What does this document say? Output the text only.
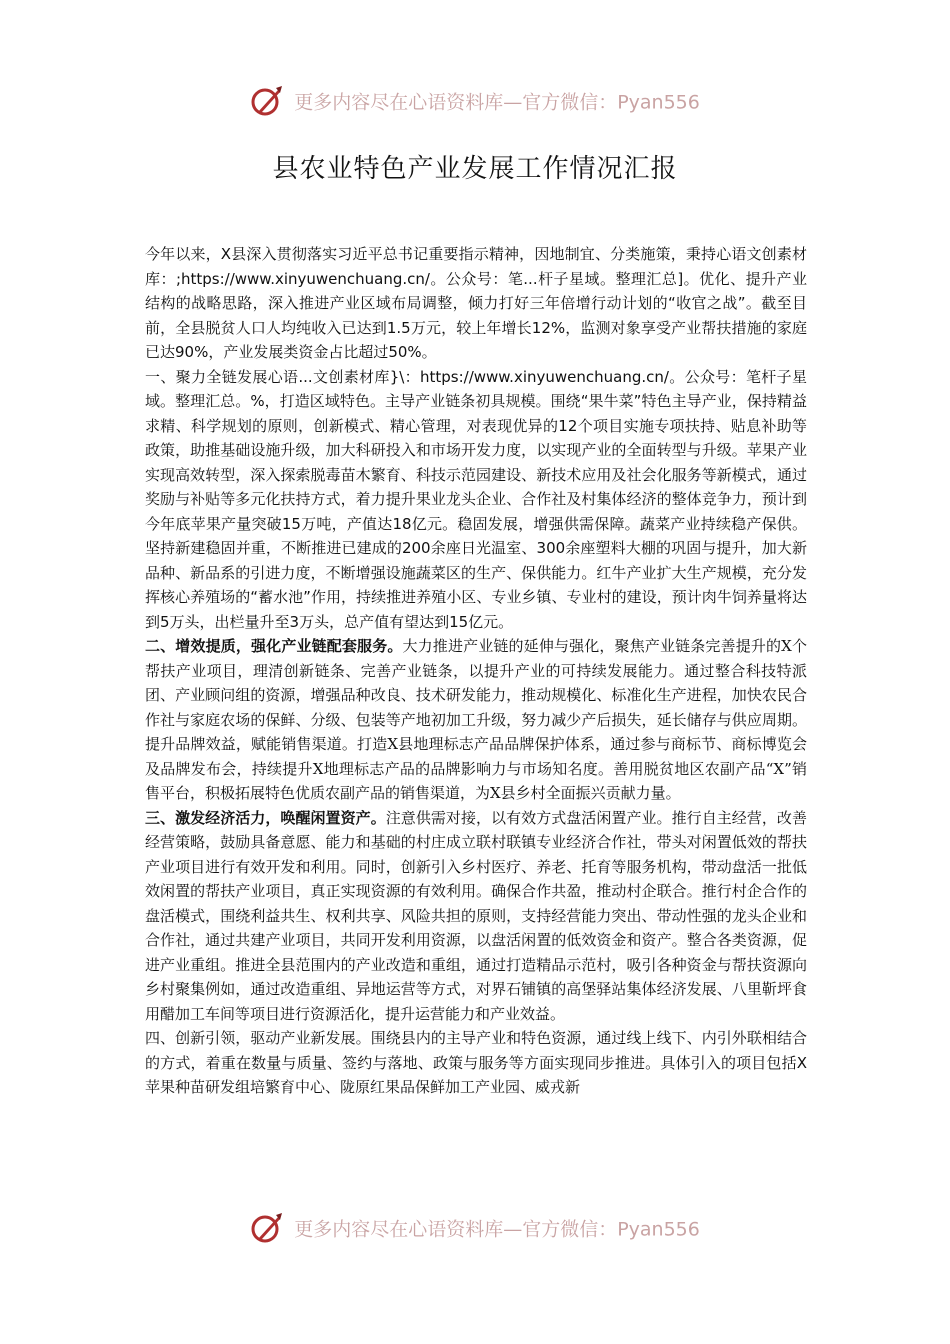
更多内容尽在心语资料库—官方微信：Pyan556
县农业特色产业发展工作情况汇报

今年以来，X县深入贯彻落实习近平总书记重要指示精神，因地制宜、分类施策，秉持心语文创素材库：;https://www.xinyuwenchuang.cn/。公众号：笔...杆子星域。整理汇总]。优化、提升产业结构的战略思路，深入推进产业区域布局调整，倾力打好三年倍增行动计划的“收官之战”。截至目前，全县脱贫人口人均纯收入已达到1.5万元，较上年增长12%，监测对象享受产业帮扶措施的家庭已达90%，产业发展类资金占比超过50%。

一、聚力全链发展心语...文创素材库}\：https://www.xinyuwenchuang.cn/。公众号：笔杆子星域。整理汇总。%，打造区域特色。主导产业链条初具规模。围绕“果牛菜”特色主导产业，保持精益求精、科学规划的原则，创新模式、精心管理，对表现优异的12个项目实施专项扶持、贴息补助等政策，助推基础设施升级，加大科研投入和市场开发力度，以实现产业的全面转型与升级。苹果产业实现高效转型，深入探索脱毒苗木繁育、科技示范园建设、新技术应用及社会化服务等新模式，通过奖励与补贴等多元化扶持方式，着力提升果业龙头企业、合作社及村集体经济的整体竞争力，预计到今年底苹果产量突破15万吨，产值达18亿元。稳固发展，增强供需保障。蔬菜产业持续稳产保供。坚持新建稳固并重，不断推进已建成的200余座日光温室、300余座塑料大棚的巩固与提升，加大新品种、新品系的引进力度，不断增强设施蔬菜区的生产、保供能力。红牛产业扩大生产规模，充分发挥核心养殖场的“蓄水池”作用，持续推进养殖小区、专业乡镇、专业村的建设，预计肉牛饲养量将达到5万头，出栏量升至3万头，总产值有望达到15亿元。

二、增效提质，强化产业链配套服务。大力推进产业链的延伸与强化，聚焦产业链条完善提升的X个帮扶产业项目，理清创新链条、完善产业链条，以提升产业的可持续发展能力。通过整合科技特派团、产业顾问组的资源，增强品种改良、技术研发能力，推动规模化、标准化生产进程，加快农民合作社与家庭农场的保鲜、分级、包装等产地初加工升级，努力减少产后损失，延长储存与供应周期。提升品牌效益，赋能销售渠道。打造X县地理标志产品品牌保护体系，通过参与商标节、商标博览会及品牌发布会，持续提升X地理标志产品的品牌影响力与市场知名度。善用脱贫地区农副产品“X”销售平台，积极拓展特色优质农副产品的销售渠道，为X县乡村全面振兴贡献力量。

三、激发经济活力，唤醒闲置资产。注意供需对接，以有效方式盘活闲置产业。推行自主经营，改善经营策略，鼓励具备意愿、能力和基础的村庄成立联村联镇专业经济合作社，带头对闲置低效的帮扶产业项目进行有效开发和利用。同时，创新引入乡村医疗、养老、托育等服务机构，带动盘活一批低效闲置的帮扶产业项目，真正实现资源的有效利用。确保合作共盈，推动村企联合。推行村企合作的盘活模式，围绕利益共生、权利共享、风险共担的原则，支持经营能力突出、带动性强的龙头企业和合作社，通过共建产业项目，共同开发利用资源，以盘活闲置的低效资金和资产。整合各类资源，促进产业重组。推进全县范围内的产业改造和重组，通过打造精品示范村，吸引各种资金与帮扶资源向乡村聚集例如，通过改造重组、异地运营等方式，对界石铺镇的高堡驿站集体经济发展、八里靳坪食用醋加工车间等项目进行资源活化，提升运营能力和产业效益。

四、创新引领，驱动产业新发展。围绕县内的主导产业和特色资源，通过线上线下、内引外联相结合的方式，着重在数量与质量、签约与落地、政策与服务等方面实现同步推进。具体引入的项目包括X苹果种苗研发组培繁育中心、陇原红果品保鲜加工产业园、威戎新

更多内容尽在心语资料库—官方微信：Pyan556
